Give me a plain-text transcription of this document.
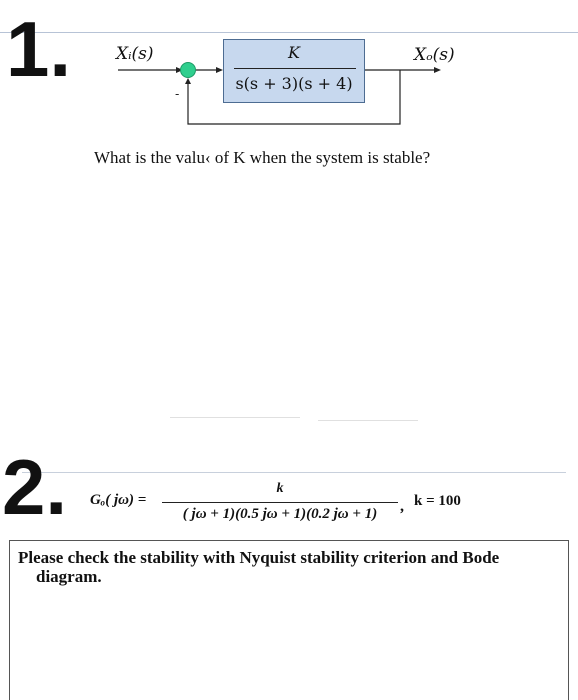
1.
-
Xᵢ(s)	Xₒ(s)
K
s(s + 3)(s + 4)
What is the valu‹ of K when the system is stable?
2. Gₒ( jω) =
k
( jω + 1)(0.5 jω + 1)(0.2 jω + 1)	, k = 100
Please check the stability with Nyquist stability criterion and Bode
diagram.
